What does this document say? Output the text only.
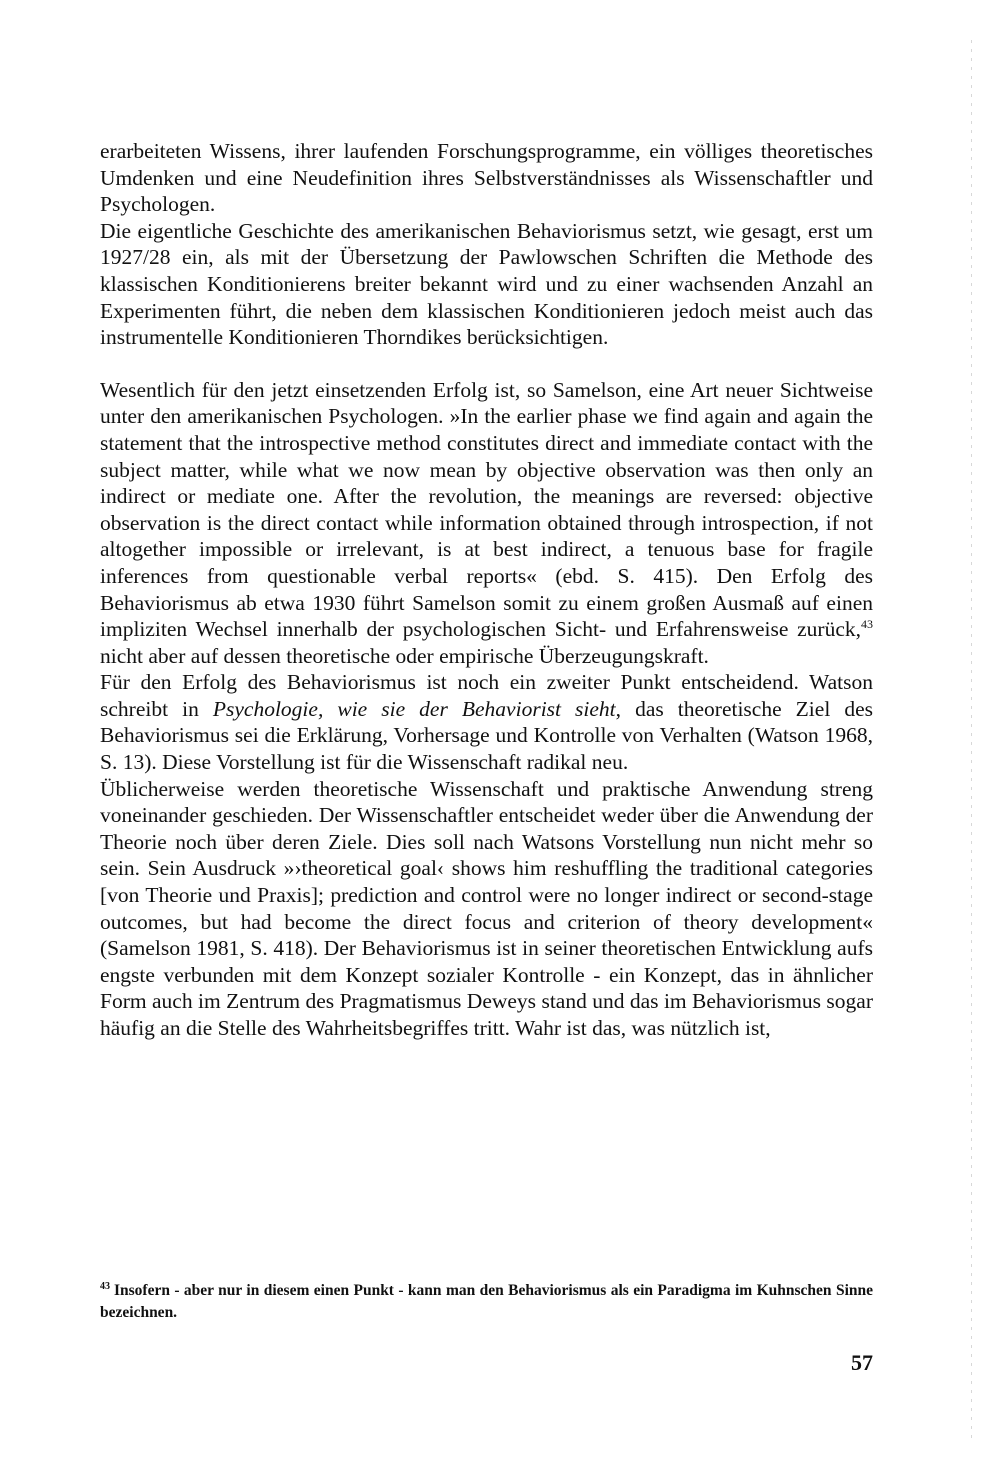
erarbeiteten Wissens, ihrer laufenden Forschungsprogramme, ein völliges theoretisches Umdenken und eine Neudefinition ihres Selbstverständnisses als Wissenschaftler und Psychologen.

Die eigentliche Geschichte des amerikanischen Behaviorismus setzt, wie gesagt, erst um 1927/28 ein, als mit der Übersetzung der Pawlowschen Schriften die Methode des klassischen Konditionierens breiter bekannt wird und zu einer wachsenden Anzahl an Experimenten führt, die neben dem klassischen Konditionieren jedoch meist auch das instrumentelle Konditionieren Thorndikes berücksichtigen.

Wesentlich für den jetzt einsetzenden Erfolg ist, so Samelson, eine Art neuer Sichtweise unter den amerikanischen Psychologen. »In the earlier phase we find again and again the statement that the introspective method constitutes direct and immediate contact with the subject matter, while what we now mean by objective observation was then only an indirect or mediate one. After the revolution, the meanings are reversed: objective observation is the direct contact while information obtained through introspection, if not altogether impossible or irrelevant, is at best indirect, a tenuous base for fragile inferences from questionable verbal reports« (ebd. S. 415). Den Erfolg des Behaviorismus ab etwa 1930 führt Samelson somit zu einem großen Ausmaß auf einen impliziten Wechsel innerhalb der psychologischen Sicht- und Erfahrensweise zurück,$^{43}$ nicht aber auf dessen theoretische oder empirische Überzeugungskraft.

Für den Erfolg des Behaviorismus ist noch ein zweiter Punkt entscheidend. Watson schreibt in Psychologie, wie sie der Behaviorist sieht, das theoretische Ziel des Behaviorismus sei die Erklärung, Vorhersage und Kontrolle von Verhalten (Watson 1968, S. 13). Diese Vorstellung ist für die Wissenschaft radikal neu.

Üblicherweise werden theoretische Wissenschaft und praktische Anwendung streng voneinander geschieden. Der Wissenschaftler entscheidet weder über die Anwendung der Theorie noch über deren Ziele. Dies soll nach Watsons Vorstellung nun nicht mehr so sein. Sein Ausdruck »›theoretical goal‹ shows him reshuffling the traditional categories [von Theorie und Praxis]; prediction and control were no longer indirect or second-stage outcomes, but had become the direct focus and criterion of theory development« (Samelson 1981, S. 418). Der Behaviorismus ist in seiner theoretischen Entwicklung aufs engste verbunden mit dem Konzept sozialer Kontrolle - ein Konzept, das in ähnlicher Form auch im Zentrum des Pragmatismus Deweys stand und das im Behaviorismus sogar häufig an die Stelle des Wahrheitsbegriffes tritt. Wahr ist das, was nützlich ist,

$^{43}$ Insofern - aber nur in diesem einen Punkt - kann man den Behaviorismus als ein Paradigma im Kuhnschen Sinne bezeichnen.

57
